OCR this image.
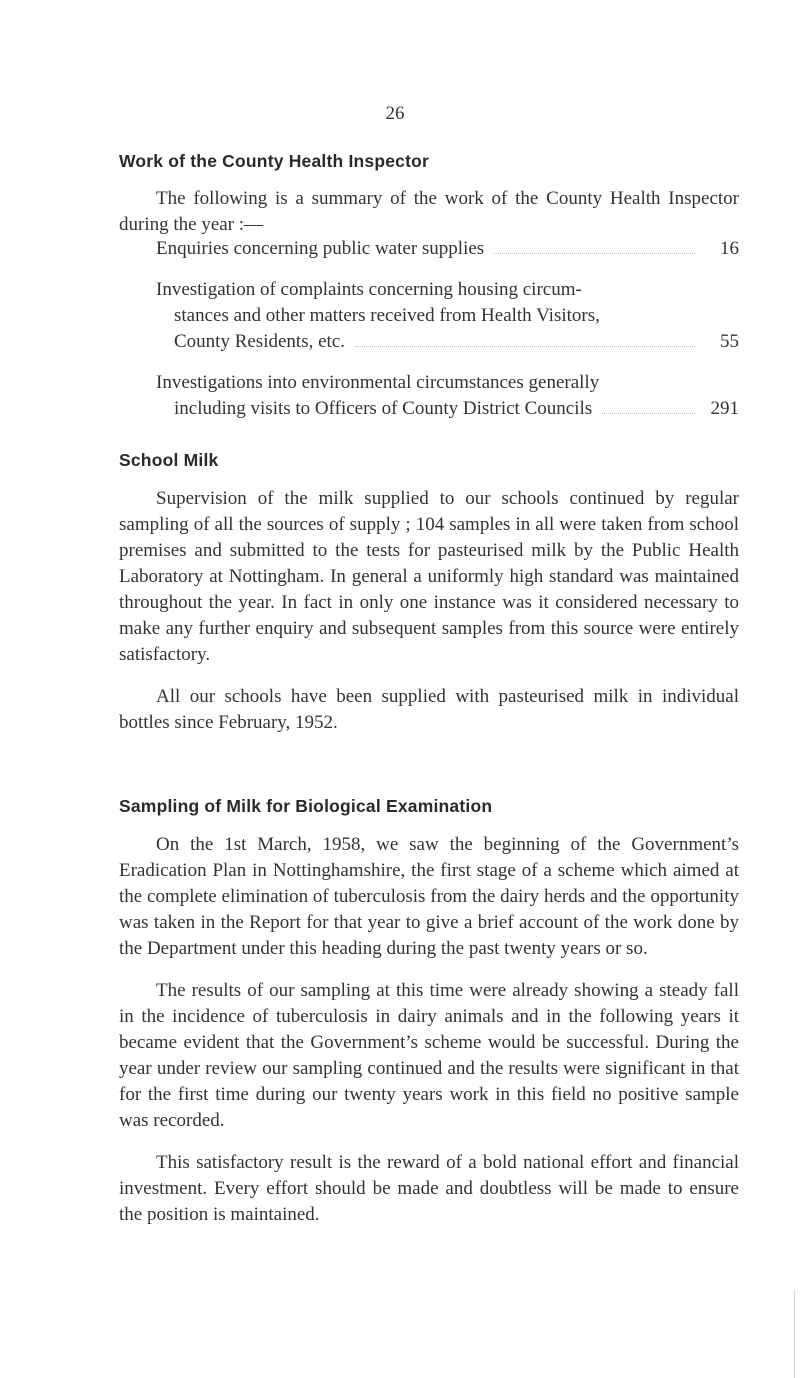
26
Work of the County Health Inspector

The following is a summary of the work of the County Health Inspector during the year :—

Enquiries concerning public water supplies	16
Investigation of complaints concerning housing circum-
stances and other matters received from Health Visitors,
County Residents, etc.	55
Investigations into environmental circumstances generally
including visits to Officers of County District Councils	291
School Milk

Supervision of the milk supplied to our schools continued by regular sampling of all the sources of supply ; 104 samples in all were taken from school premises and submitted to the tests for pasteurised milk by the Public Health Laboratory at Nottingham. In general a uniformly high standard was maintained throughout the year. In fact in only one instance was it considered necessary to make any further enquiry and subsequent samples from this source were entirely satisfactory.

All our schools have been supplied with pasteurised milk in individual bottles since February, 1952.

Sampling of Milk for Biological Examination

On the 1st March, 1958, we saw the beginning of the Government’s Eradication Plan in Nottinghamshire, the first stage of a scheme which aimed at the complete elimination of tuberculosis from the dairy herds and the opportunity was taken in the Report for that year to give a brief account of the work done by the Department under this heading during the past twenty years or so.

The results of our sampling at this time were already showing a steady fall in the incidence of tuberculosis in dairy animals and in the following years it became evident that the Government’s scheme would be successful. During the year under review our sampling continued and the results were significant in that for the first time during our twenty years work in this field no positive sample was recorded.

This satisfactory result is the reward of a bold national effort and financial investment. Every effort should be made and doubtless will be made to ensure the position is maintained.
